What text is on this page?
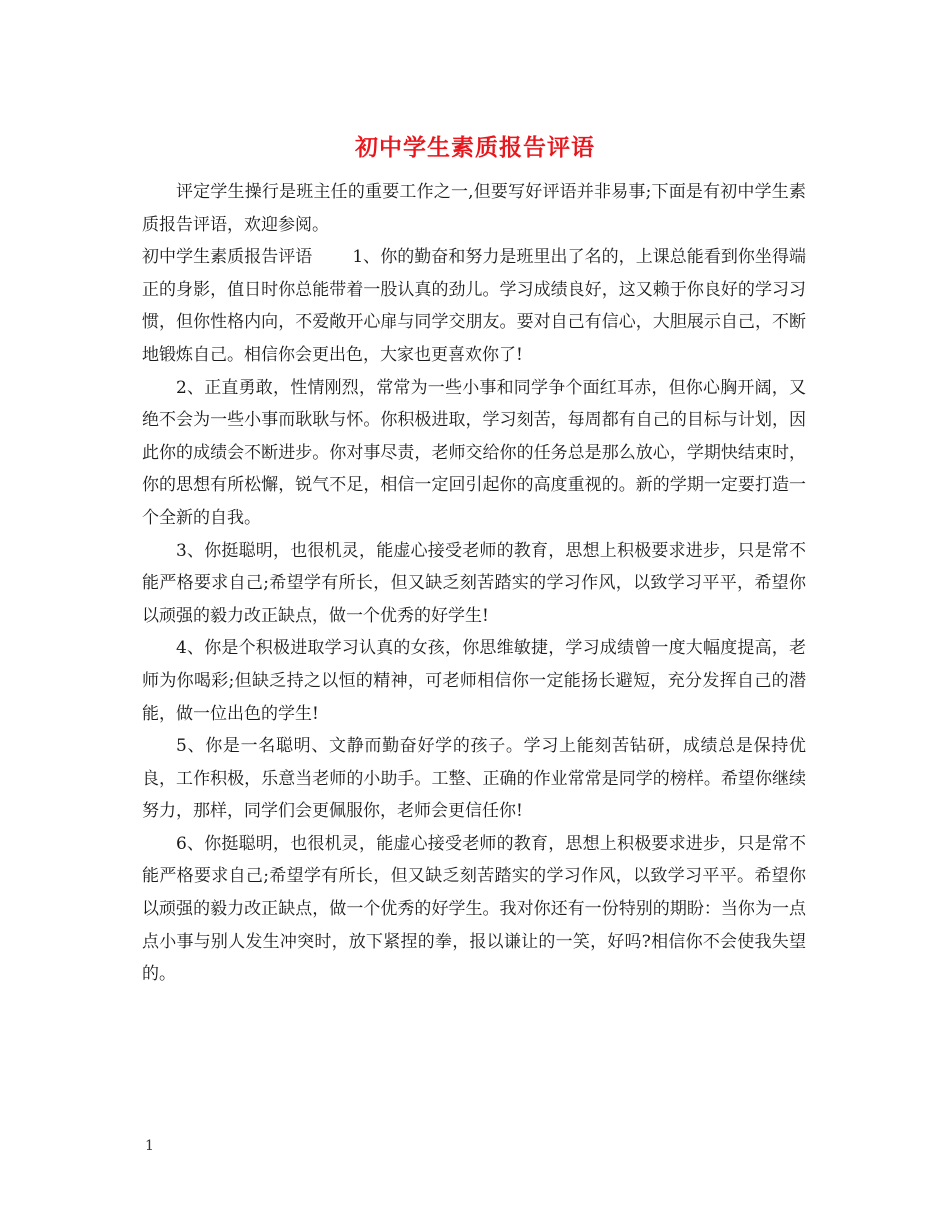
初中学生素质报告评语

评定学生操行是班主任的重要工作之一,但要写好评语并非易事;下面是有初中学生素质报告评语，欢迎参阅。

初中学生素质报告评语 1、你的勤奋和努力是班里出了名的，上课总能看到你坐得端正的身影，值日时你总能带着一股认真的劲儿。学习成绩良好，这又赖于你良好的学习习惯，但你性格内向，不爱敞开心扉与同学交朋友。要对自己有信心，大胆展示自己，不断地锻炼自己。相信你会更出色，大家也更喜欢你了!

2、正直勇敢，性情刚烈，常常为一些小事和同学争个面红耳赤，但你心胸开阔，又绝不会为一些小事而耿耿与怀。你积极进取，学习刻苦，每周都有自己的目标与计划，因此你的成绩会不断进步。你对事尽责，老师交给你的任务总是那么放心，学期快结束时，你的思想有所松懈，锐气不足，相信一定回引起你的高度重视的。新的学期一定要打造一个全新的自我。

3、你挺聪明，也很机灵，能虚心接受老师的教育，思想上积极要求进步，只是常不能严格要求自己;希望学有所长，但又缺乏刻苦踏实的学习作风，以致学习平平，希望你以顽强的毅力改正缺点，做一个优秀的好学生!

4、你是个积极进取学习认真的女孩，你思维敏捷，学习成绩曾一度大幅度提高，老师为你喝彩;但缺乏持之以恒的精神，可老师相信你一定能扬长避短，充分发挥自己的潜能，做一位出色的学生!

5、你是一名聪明、文静而勤奋好学的孩子。学习上能刻苦钻研，成绩总是保持优良，工作积极，乐意当老师的小助手。工整、正确的作业常常是同学的榜样。希望你继续努力，那样，同学们会更佩服你，老师会更信任你!

6、你挺聪明，也很机灵，能虚心接受老师的教育，思想上积极要求进步，只是常不能严格要求自己;希望学有所长，但又缺乏刻苦踏实的学习作风，以致学习平平。希望你以顽强的毅力改正缺点，做一个优秀的好学生。我对你还有一份特别的期盼：当你为一点点小事与别人发生冲突时，放下紧捏的拳，报以谦让的一笑，好吗?相信你不会使我失望的。

1
